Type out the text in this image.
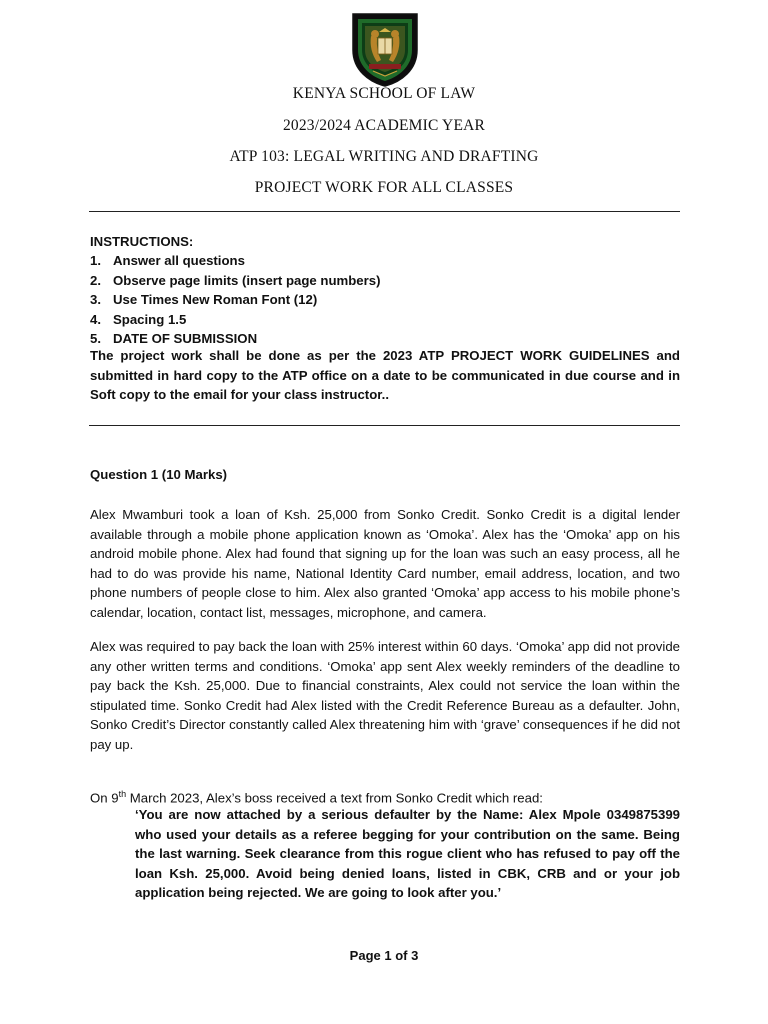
KENYA SCHOOL OF LAW
2023/2024 ACADEMIC YEAR
ATP 103: LEGAL WRITING AND DRAFTING
PROJECT WORK FOR ALL CLASSES
INSTRUCTIONS:
1. Answer all questions
2. Observe page limits (insert page numbers)
3. Use Times New Roman Font (12)
4. Spacing 1.5
5. DATE OF SUBMISSION
The project work shall be done as per the 2023 ATP PROJECT WORK GUIDELINES and submitted in hard copy to the ATP office on a date to be communicated in due course and in Soft copy to the email for your class instructor..
Question 1 (10 Marks)
Alex Mwamburi took a loan of Ksh. 25,000 from Sonko Credit. Sonko Credit is a digital lender available through a mobile phone application known as ‘Omoka’. Alex has the ‘Omoka’ app on his android mobile phone. Alex had found that signing up for the loan was such an easy process, all he had to do was provide his name, National Identity Card number, email address, location, and two phone numbers of people close to him. Alex also granted ‘Omoka’ app access to his mobile phone’s calendar, location, contact list, messages, microphone, and camera.
Alex was required to pay back the loan with 25% interest within 60 days. ‘Omoka’ app did not provide any other written terms and conditions. ‘Omoka’ app sent Alex weekly reminders of the deadline to pay back the Ksh. 25,000. Due to financial constraints, Alex could not service the loan within the stipulated time. Sonko Credit had Alex listed with the Credit Reference Bureau as a defaulter. John, Sonko Credit’s Director constantly called Alex threatening him with ‘grave’ consequences if he did not pay up.
On 9th March 2023, Alex’s boss received a text from Sonko Credit which read:
‘You are now attached by a serious defaulter by the Name: Alex Mpole 0349875399 who used your details as a referee begging for your contribution on the same. Being the last warning. Seek clearance from this rogue client who has refused to pay off the loan Ksh. 25,000. Avoid being denied loans, listed in CBK, CRB and or your job application being rejected. We are going to look after you.’
Page 1 of 3
